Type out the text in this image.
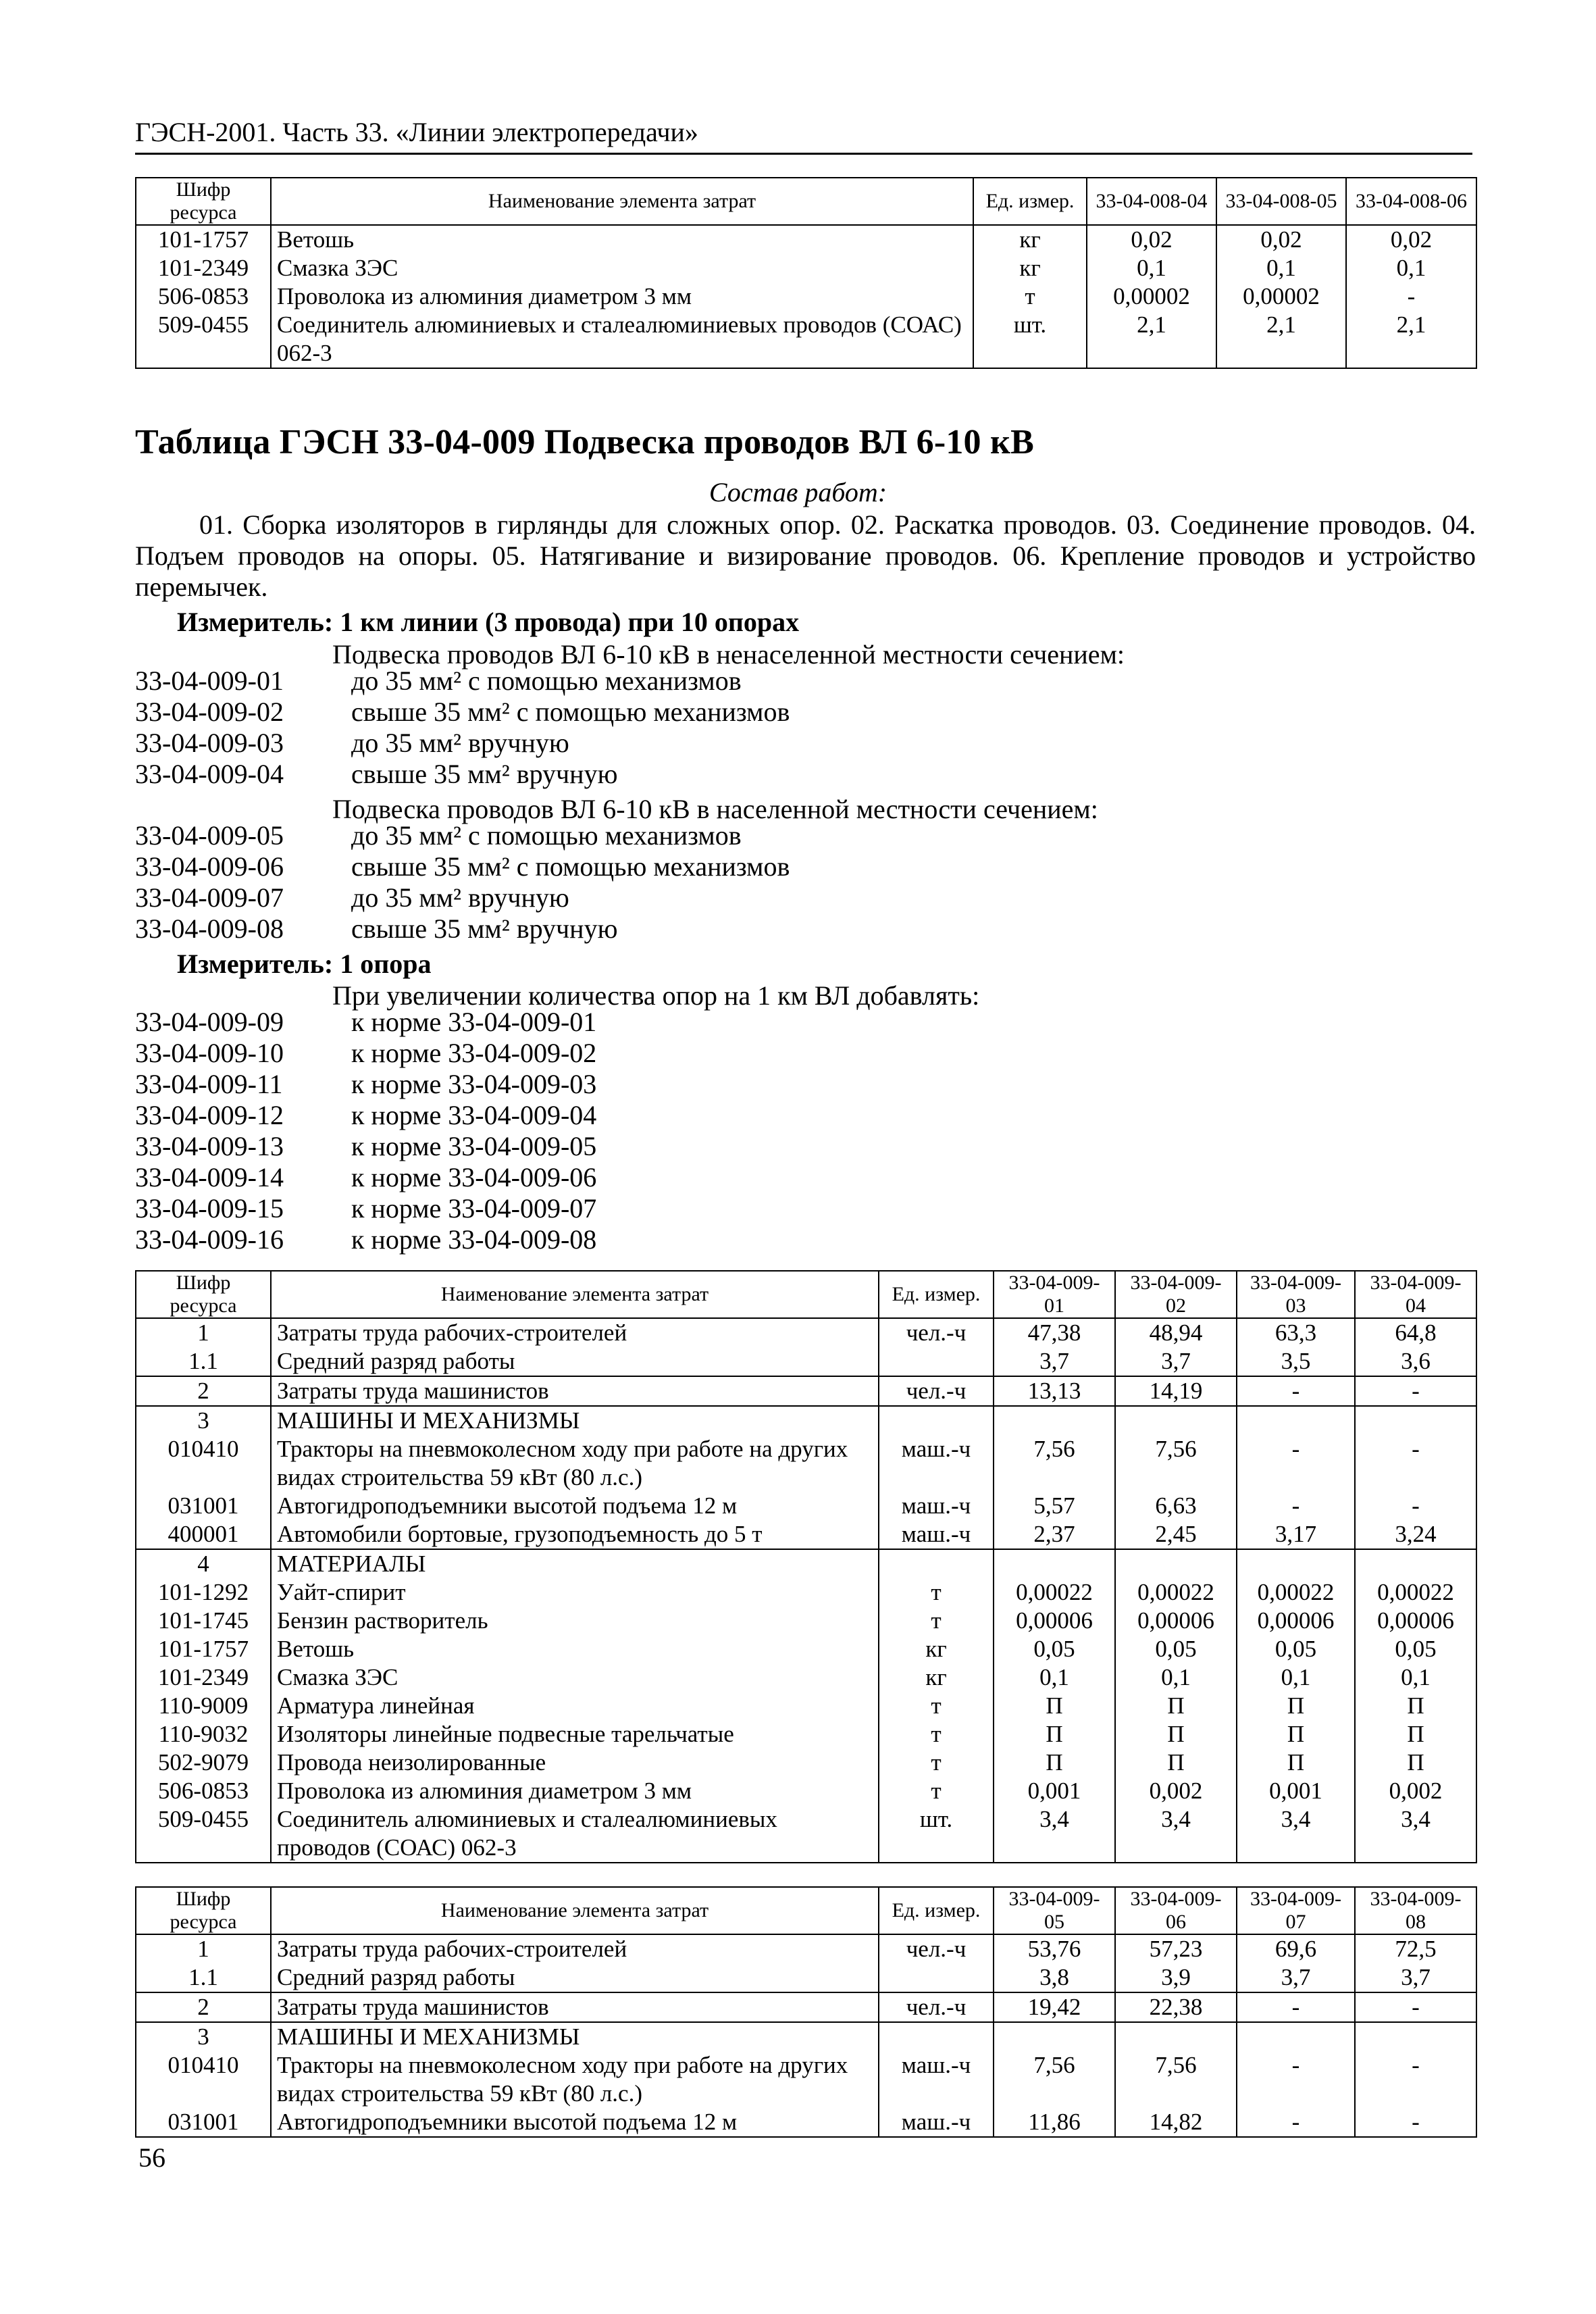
ГЭСН-2001. Часть 33. «Линии электропередачи»
Шифр ресурса	Наименование элемента затрат	Ед. измер.	33-04-008-04	33-04-008-05	33-04-008-06
101-1757	Ветошь	кг	0,02	0,02	0,02
101-2349	Смазка ЗЭС	кг	0,1	0,1	0,1
506-0853	Проволока из алюминия диаметром 3 мм	т	0,00002	0,00002	-
509-0455	Соединитель алюминиевых и сталеалюминиевых проводов (СОАС) 062-3	шт.	2,1	2,1	2,1
Таблица ГЭСН 33-04-009 Подвеска проводов ВЛ 6-10 кВ
Состав работ:
01. Сборка изоляторов в гирлянды для сложных опор. 02. Раскатка проводов. 03. Соединение проводов. 04. Подъем проводов на опоры. 05. Натягивание и визирование проводов. 06. Крепление проводов и устройство перемычек.
Измеритель: 1 км линии (3 провода) при 10 опорах
Подвеска проводов ВЛ 6-10 кВ в ненаселенной местности сечением:
33-04-009-01	до 35 мм² с помощью механизмов
33-04-009-02	свыше 35 мм² с помощью механизмов
33-04-009-03	до 35 мм² вручную
33-04-009-04	свыше 35 мм² вручную
Подвеска проводов ВЛ 6-10 кВ в населенной местности сечением:
33-04-009-05	до 35 мм² с помощью механизмов
33-04-009-06	свыше 35 мм² с помощью механизмов
33-04-009-07	до 35 мм² вручную
33-04-009-08	свыше 35 мм² вручную
Измеритель: 1 опора
При увеличении количества опор на 1 км ВЛ добавлять:
33-04-009-09	к норме 33-04-009-01
33-04-009-10	к норме 33-04-009-02
33-04-009-11	к норме 33-04-009-03
33-04-009-12	к норме 33-04-009-04
33-04-009-13	к норме 33-04-009-05
33-04-009-14	к норме 33-04-009-06
33-04-009-15	к норме 33-04-009-07
33-04-009-16	к норме 33-04-009-08
Шифр ресурса	Наименование элемента затрат	Ед. измер.	33-04-009-01	33-04-009-02	33-04-009-03	33-04-009-04
1	Затраты труда рабочих-строителей	чел.-ч	47,38	48,94	63,3	64,8
1.1	Средний разряд работы		3,7	3,7	3,5	3,6
2	Затраты труда машинистов	чел.-ч	13,13	14,19	-	-
3	МАШИНЫ И МЕХАНИЗМЫ					
010410	Тракторы на пневмоколесном ходу при работе на других видах строительства 59 кВт (80 л.с.)	маш.-ч	7,56	7,56	-	-
031001	Автогидроподъемники высотой подъема 12 м	маш.-ч	5,57	6,63	-	-
400001	Автомобили бортовые, грузоподъемность до 5 т	маш.-ч	2,37	2,45	3,17	3,24
4	МАТЕРИАЛЫ					
101-1292	Уайт-спирит	т	0,00022	0,00022	0,00022	0,00022
101-1745	Бензин растворитель	т	0,00006	0,00006	0,00006	0,00006
101-1757	Ветошь	кг	0,05	0,05	0,05	0,05
101-2349	Смазка ЗЭС	кг	0,1	0,1	0,1	0,1
110-9009	Арматура линейная	т	П	П	П	П
110-9032	Изоляторы линейные подвесные тарельчатые	т	П	П	П	П
502-9079	Провода неизолированные	т	П	П	П	П
506-0853	Проволока из алюминия диаметром 3 мм	т	0,001	0,002	0,001	0,002
509-0455	Соединитель алюминиевых и сталеалюминиевых проводов (СОАС) 062-3	шт.	3,4	3,4	3,4	3,4
Шифр ресурса	Наименование элемента затрат	Ед. измер.	33-04-009-05	33-04-009-06	33-04-009-07	33-04-009-08
1	Затраты труда рабочих-строителей	чел.-ч	53,76	57,23	69,6	72,5
1.1	Средний разряд работы		3,8	3,9	3,7	3,7
2	Затраты труда машинистов	чел.-ч	19,42	22,38	-	-
3	МАШИНЫ И МЕХАНИЗМЫ					
010410	Тракторы на пневмоколесном ходу при работе на других видах строительства 59 кВт (80 л.с.)	маш.-ч	7,56	7,56	-	-
031001	Автогидроподъемники высотой подъема 12 м	маш.-ч	11,86	14,82	-	-
56
